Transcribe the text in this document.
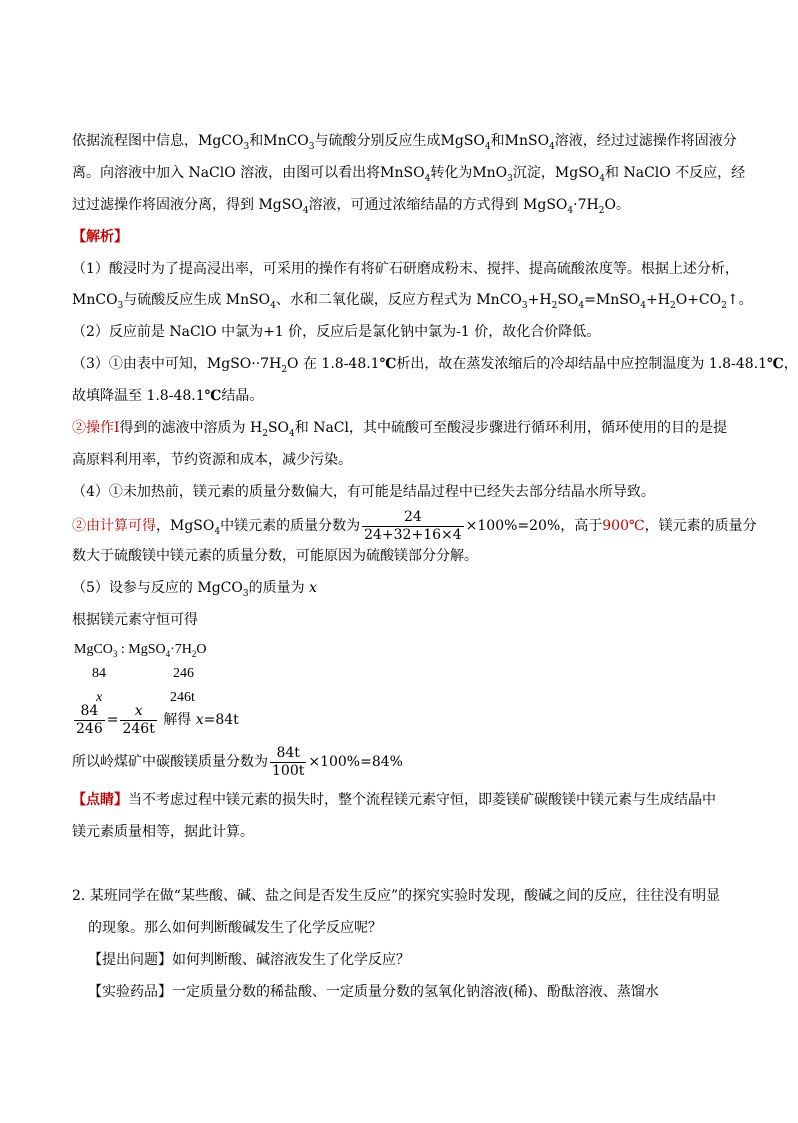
依据流程图中信息，MgCO$_3$和MnCO$_3$与硫酸分别反应生成MgSO$_4$和MnSO$_4$溶液，经过过滤操作将固液分
离。向溶液中加入 NaClO 溶液，由图可以看出将MnSO$_4$转化为MnO$_3$沉淀，MgSO$_4$和 NaClO 不反应，经
过过滤操作将固液分离，得到 MgSO$_4$溶液，可通过浓缩结晶的方式得到 $MgSO_4\cdot 7H_2O$。
【解析】
（1）酸浸时为了提高浸出率，可采用的操作有将矿石研磨成粉末、搅拌、提高硫酸浓度等。根据上述分析，
MnCO$_3$与硫酸反应生成 MnSO$_4$、水和二氧化碳，反应方程式为 $MnCO_3+H_2SO_4=MnSO_4+H_2O+CO_2↑$。
（2）反应前是 NaClO 中氯为+1 价，反应后是氯化钠中氯为-1 价，故化合价降低。
（3）①由表中可知，$MgSO\cdot\cdot 7H_2O$ 在 1.8-48.1℃析出，故在蒸发浓缩后的冷却结晶中应控制温度为 1.8-48.1℃，
故填降温至 1.8-48.1℃结晶。
②操作Ⅰ得到的滤液中溶质为 $H_2SO_4$和 NaCl，其中硫酸可至酸浸步骤进行循环利用，循环使用的目的是提
高原料利用率，节约资源和成本，减少污染。
（4）①未加热前，镁元素的质量分数偏大，有可能是结晶过程中已经失去部分结晶水所导致。
②由计算可得，MgSO$_4$中镁元素的质量分数为 $\frac{24}{24+32+16\times 4} \times 100\%=20\%$，高于900℃，镁元素的质量分
数大于硫酸镁中镁元素的质量分数，可能原因为硫酸镁部分分解。
（5）设参与反应的 MgCO$_3$的质量为 x
根据镁元素守恒可得
MgCO$_3$ : $MgSO_4\cdot 7H_2O$
84	246
x	246t
$\frac{84}{246} = \frac{x}{246t}$ 解得 x=84t
所以岭煤矿中碳酸镁质量分数为 $\frac{84t}{100t} \times 100\%=84\%$
【点睛】当不考虑过程中镁元素的损失时，整个流程镁元素守恒，即菱镁矿碳酸镁中镁元素与生成结晶中
镁元素质量相等，据此计算。
2. 某班同学在做“某些酸、碱、盐之间是否发生反应”的探究实验时发现，酸碱之间的反应，往往没有明显
的现象。那么如何判断酸碱发生了化学反应呢？
【提出问题】如何判断酸、碱溶液发生了化学反应？
【实验药品】一定质量分数的稀盐酸、一定质量分数的氢氧化钠溶液(稀)、酚酞溶液、蒸馏水
